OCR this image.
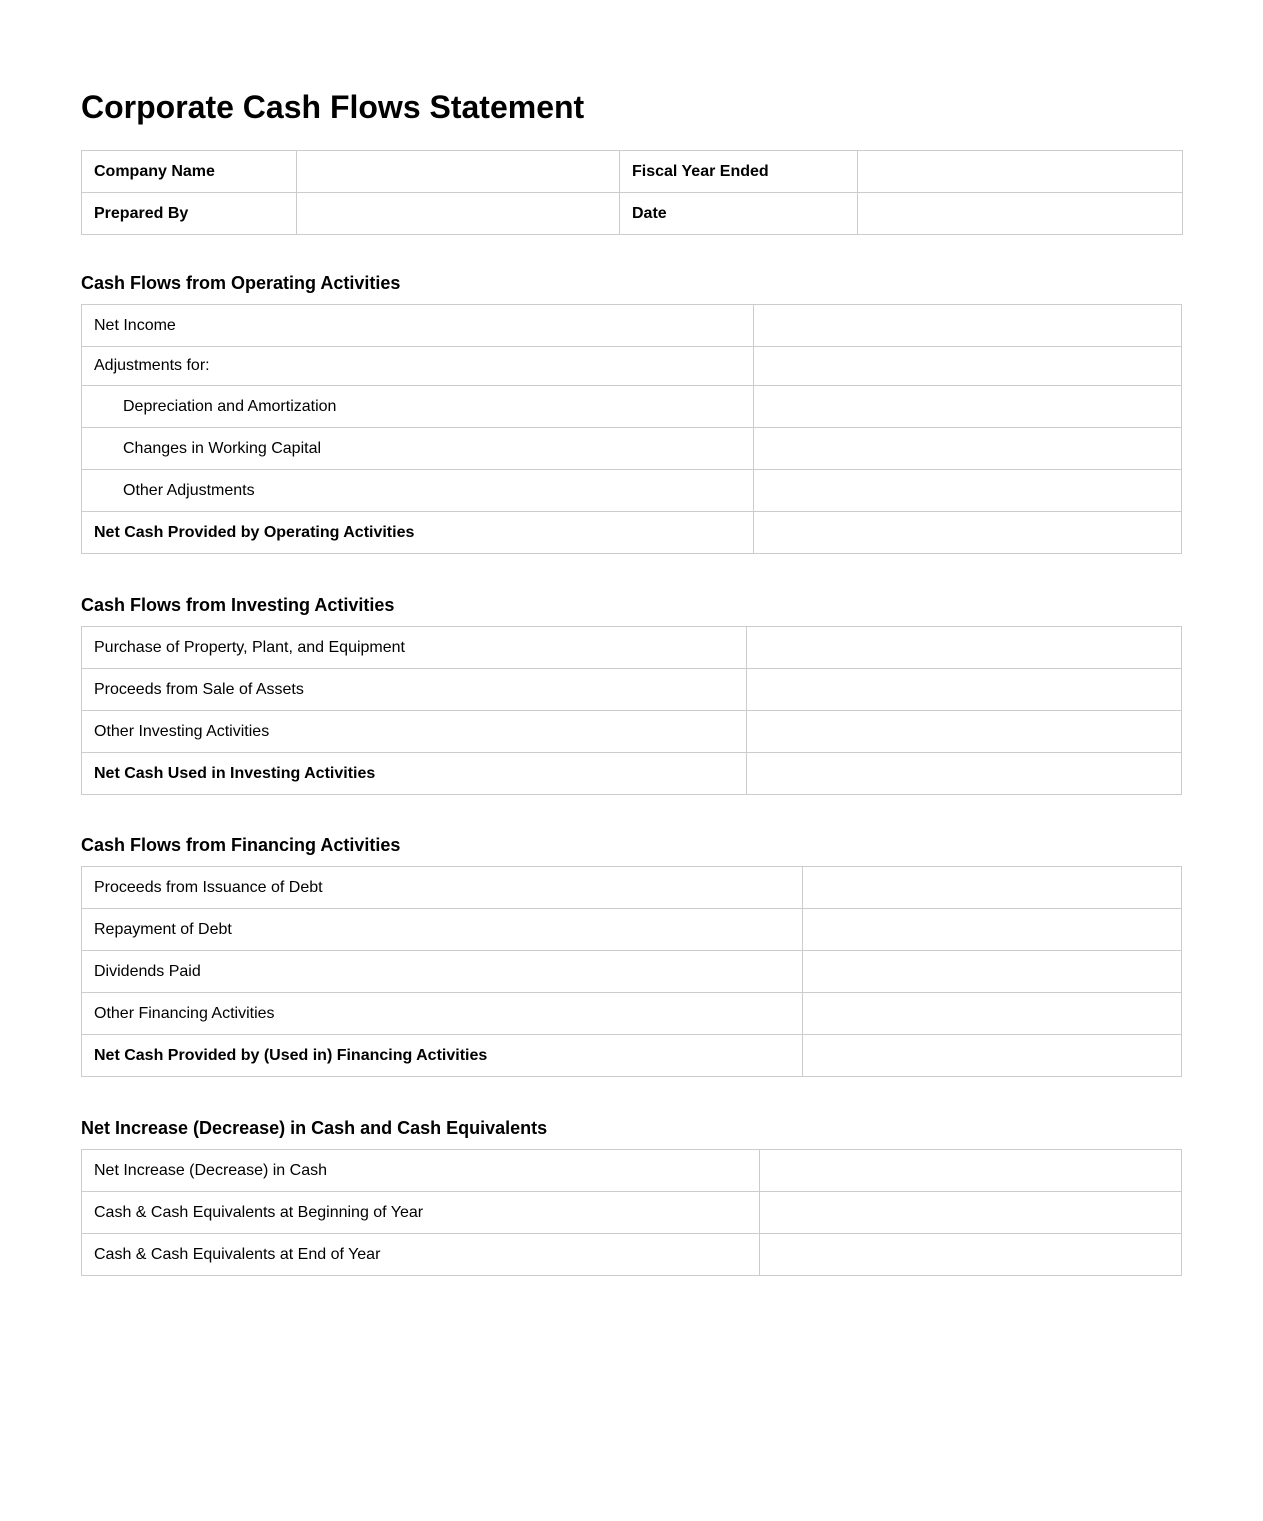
Corporate Cash Flows Statement
Company Name		Fiscal Year Ended	
Prepared By		Date	
Cash Flows from Operating Activities
Net Income	
Adjustments for:	
Depreciation and Amortization	
Changes in Working Capital	
Other Adjustments	
Net Cash Provided by Operating Activities	
Cash Flows from Investing Activities
Purchase of Property, Plant, and Equipment	
Proceeds from Sale of Assets	
Other Investing Activities	
Net Cash Used in Investing Activities	
Cash Flows from Financing Activities
Proceeds from Issuance of Debt	
Repayment of Debt	
Dividends Paid	
Other Financing Activities	
Net Cash Provided by (Used in) Financing Activities	
Net Increase (Decrease) in Cash and Cash Equivalents
Net Increase (Decrease) in Cash	
Cash & Cash Equivalents at Beginning of Year	
Cash & Cash Equivalents at End of Year	
